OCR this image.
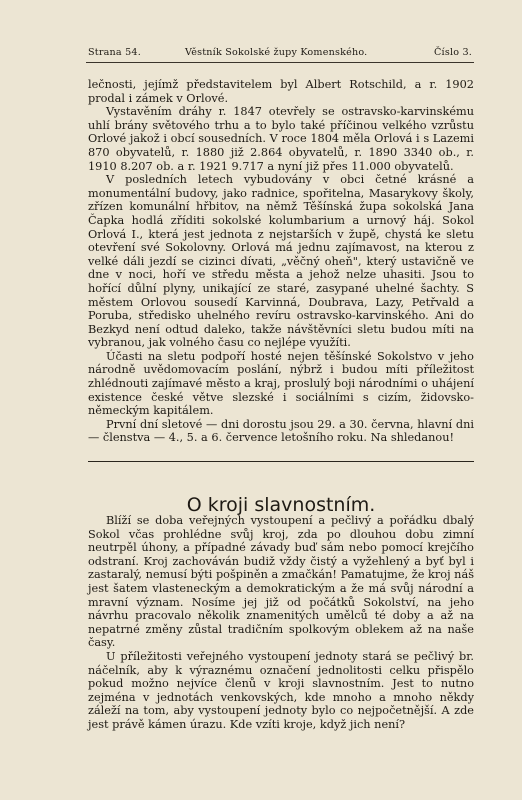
Strana 54.	Věstník Sokolské župy Komenského.	Číslo 3.

lečnosti, jejímž představitelem byl Albert Rotschild, a r. 1902 prodal i zámek v Orlové.

Vystavěním dráhy r. 1847 otevřely se ostravsko-karvinskému uhlí brány světového trhu a to bylo také příčinou velkého vzrůstu Orlové jakož i obcí sousedních. V roce 1804 měla Orlová i s Lazemi 870 obyvatelů, r. 1880 již 2.864 obyvatelů, r. 1890 3340 ob., r. 1910 8.207 ob. a r. 1921 9.717 a nyní již přes 11.000 obyvatelů.

V posledních letech vybudovány v obci četné krásné a monumentální budovy, jako radnice, spořitelna, Masarykovy školy, zřízen komunální hřbitov, na němž Těšínská župa sokolská Jana Čapka hodlá zříditi sokolské kolumbarium a urnový háj. Sokol Orlová I., která jest jednota z nejstarších v župě, chystá ke sletu otevření své Sokolovny. Orlová má jednu zajímavost, na kterou z velké dáli jezdí se cizinci dívati, „věčný oheň", který ustavičně ve dne v noci, hoří ve středu města a jehož nelze uhasiti. Jsou to hořící důlní plyny, unikající ze staré, zasypané uhelné šachty. S městem Orlovou sousedí Karvinná, Doubrava, Lazy, Petřvald a Poruba, středisko uhelného revíru ostravsko-karvinského. Ani do Bezkyd není odtud daleko, takže návštěvníci sletu budou míti na vybranou, jak volného času co nejlépe využíti.

Účasti na sletu podpoří hosté nejen těšínské Sokolstvo v jeho národně uvědomovacím poslání, nýbrž i budou míti příležitost zhlédnouti zajímavé město a kraj, proslulý boji národními o uhájení existence české větve slezské i sociálními s cizím, židovsko-německým kapitálem.

První dní sletové — dni dorostu jsou 29. a 30. června, hlavní dni — členstva — 4., 5. a 6. července letošního roku. Na shledanou!

O kroji slavnostním.

Blíží se doba veřejných vystoupení a pečlivý a pořádku dbalý Sokol včas prohlédne svůj kroj, zda po dlouhou dobu zimní neutrpěl úhony, a případné závady buď sám nebo pomocí krejčího odstraní. Kroj zachováván budiž vždy čistý a vyžehlený a byť byl i zastaralý, nemusí býti pošpiněn a zmačkán! Pamatujme, že kroj náš jest šatem vlasteneckým a demokratickým a že má svůj národní a mravní význam. Nosíme jej již od počátků Sokolství, na jeho návrhu pracovalo několik znamenitých umělců té doby a až na nepatrné změny zůstal tradičním spolkovým oblekem až na naše časy.

U příležitosti veřejného vystoupení jednoty stará se pečlivý br. náčelník, aby k výraznému označení jednolitosti celku přispělo pokud možno nejvíce členů v kroji slavnostním. Jest to nutno zejména v jednotách venkovských, kde mnoho a mnoho někdy záleží na tom, aby vystoupení jednoty bylo co nejpočetnější. A zde jest právě kámen úrazu. Kde vzíti kroje, když jich není?
